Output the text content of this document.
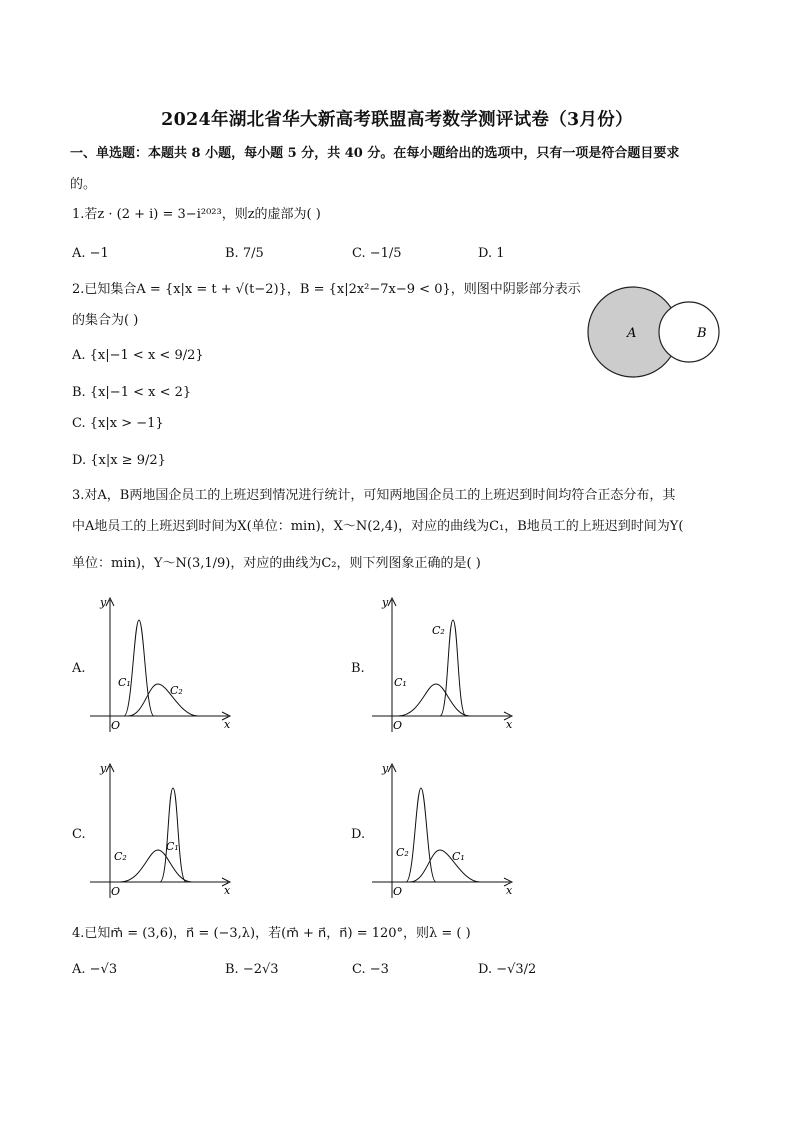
2024年湖北省华大新高考联盟高考数学测评试卷（3月份）
一、单选题：本题共 8 小题，每小题 5 分，共 40 分。在每小题给出的选项中，只有一项是符合题目要求
的。
1.若z · (2 + i) = 3−i²⁰²³，则z的虚部为( )
A. −1	B. 7/5	C. −1/5	D. 1
2.已知集合A = {x|x = t + √(t−2)}，B = {x|2x²−7x−9 < 0}，则图中阴影部分表示
的集合为( )
A. {x|−1 < x < 9/2}
B. {x|−1 < x < 2}
C. {x|x > −1}
D. {x|x ≥ 9/2}
A	B
3.对A，B两地国企员工的上班迟到情况进行统计，可知两地国企员工的上班迟到时间均符合正态分布，其
中A地员工的上班迟到时间为X(单位：min)，X～N(2,4)，对应的曲线为C₁，B地员工的上班迟到时间为Y(
单位：min)，Y～N(3,1/9)，对应的曲线为C₂，则下列图象正确的是( )
A.
y
x
O
C₁
C₂
B.
y
x
O
C₁
C₂
C.
y
x
O
C₂
C₁
D.
y
x
O
C₂	C₁
4.已知m⃗ = (3,6)，n⃗ = (−3,λ)，若(m⃗ + n⃗，n⃗) = 120°，则λ = ( )
A. −√3	B. −2√3	C. −3	D. −√3/2
